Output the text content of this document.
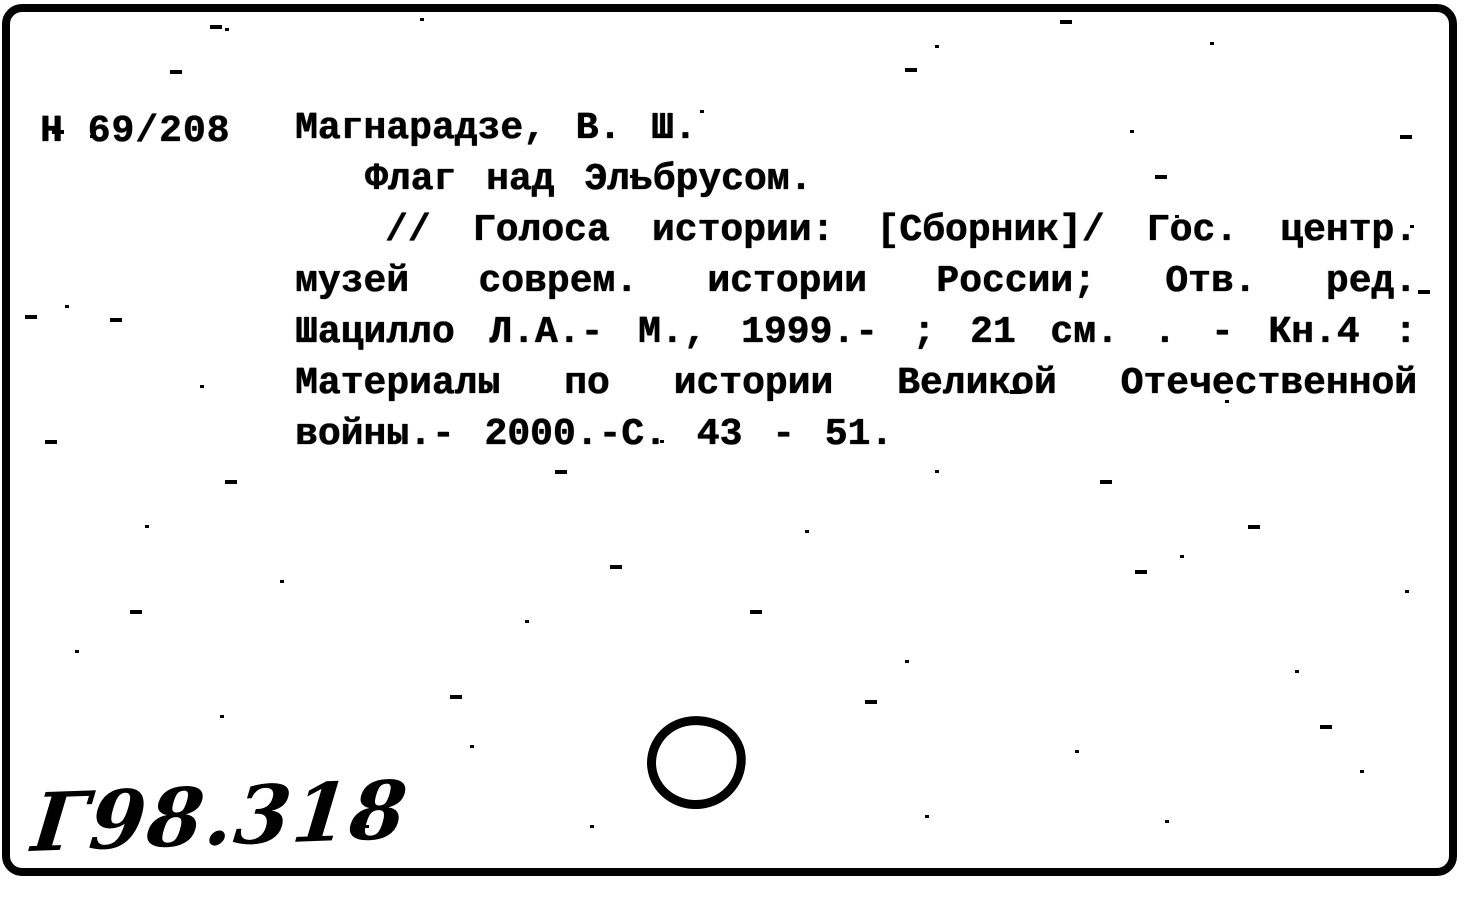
Н 69/208 Магнарадзе, В. Ш.
Флаг над Эльбрусом.
// Голоса истории: [Сборник]/ Гос. центр.
музей соврем. истории России; Отв. ред.
Шацилло Л.А.- М., 1999.- ; 21 см. . - Кн.4 :
Материалы по истории Великой Отечественной
войны.- 2000.-С. 43 - 51.
Г98.318
